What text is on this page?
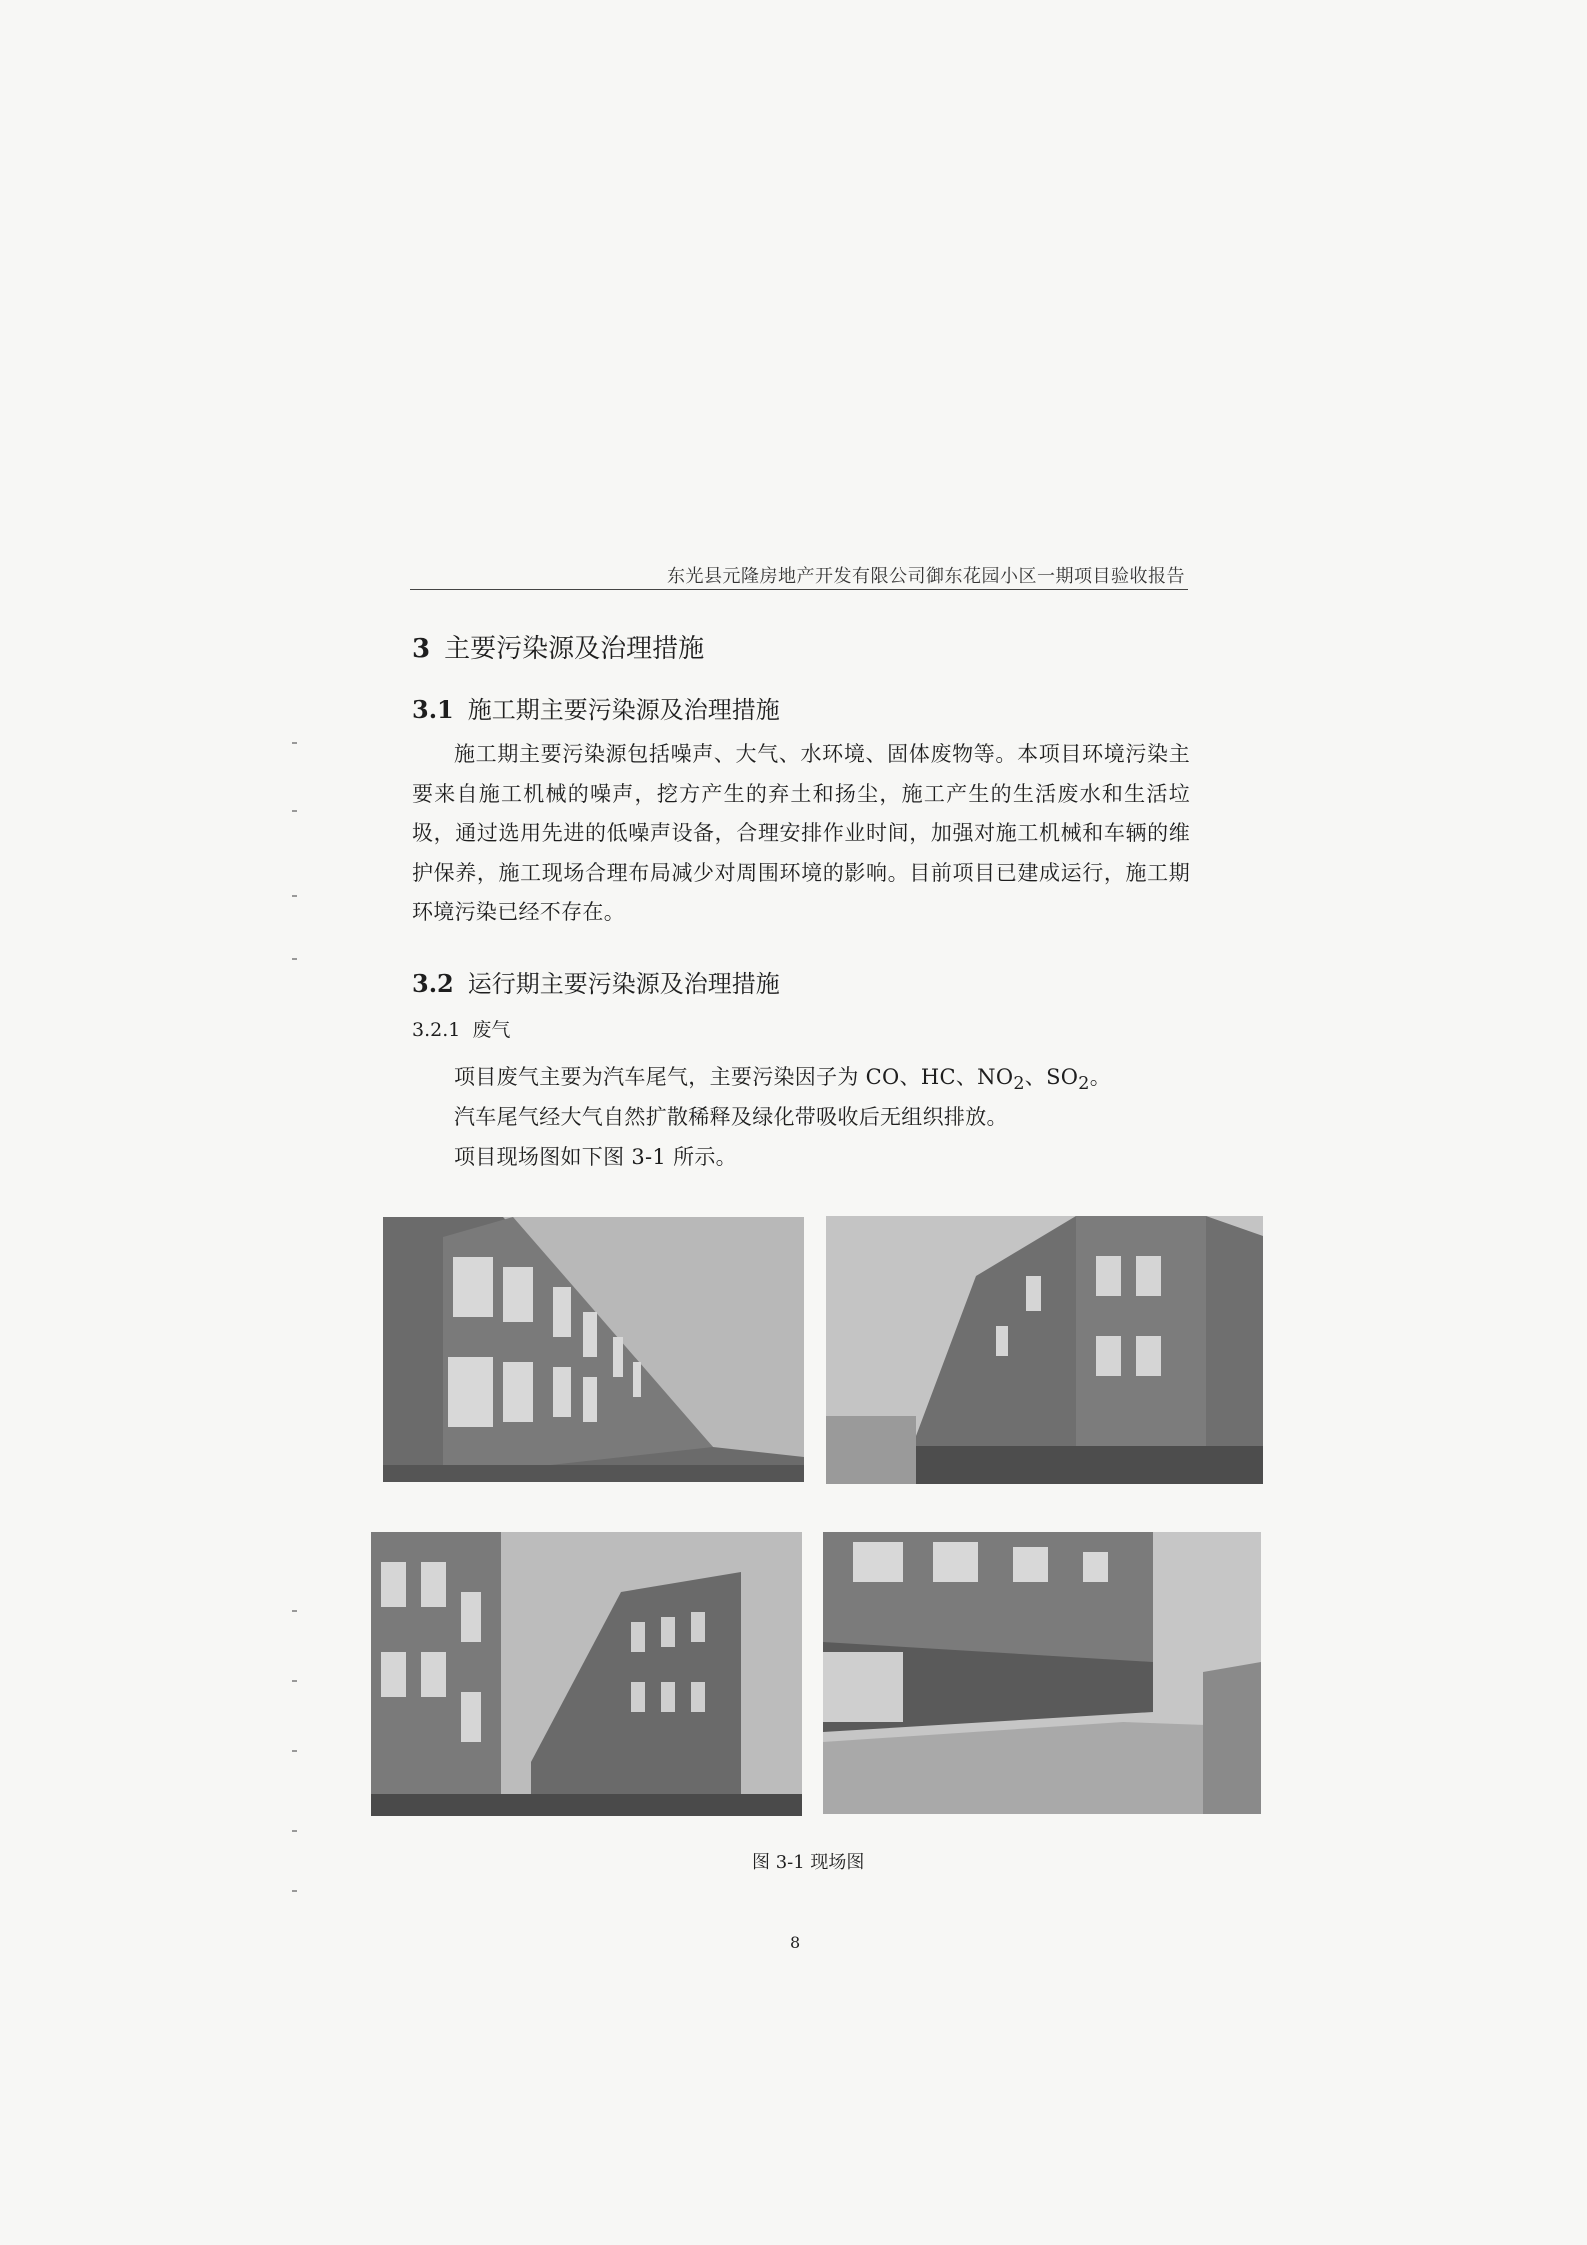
东光县元隆房地产开发有限公司御东花园小区一期项目验收报告
3 主要污染源及治理措施
3.1 施工期主要污染源及治理措施
施工期主要污染源包括噪声、大气、水环境、固体废物等。本项目环境污染主要来自施工机械的噪声，挖方产生的弃土和扬尘，施工产生的生活废水和生活垃圾，通过选用先进的低噪声设备，合理安排作业时间，加强对施工机械和车辆的维护保养，施工现场合理布局减少对周围环境的影响。目前项目已建成运行，施工期环境污染已经不存在。
3.2 运行期主要污染源及治理措施
3.2.1 废气
项目废气主要为汽车尾气，主要污染因子为 CO、HC、$NO_2$、$SO_2$。
汽车尾气经大气自然扩散稀释及绿化带吸收后无组织排放。
项目现场图如下图 3-1 所示。
图 3-1 现场图
8
